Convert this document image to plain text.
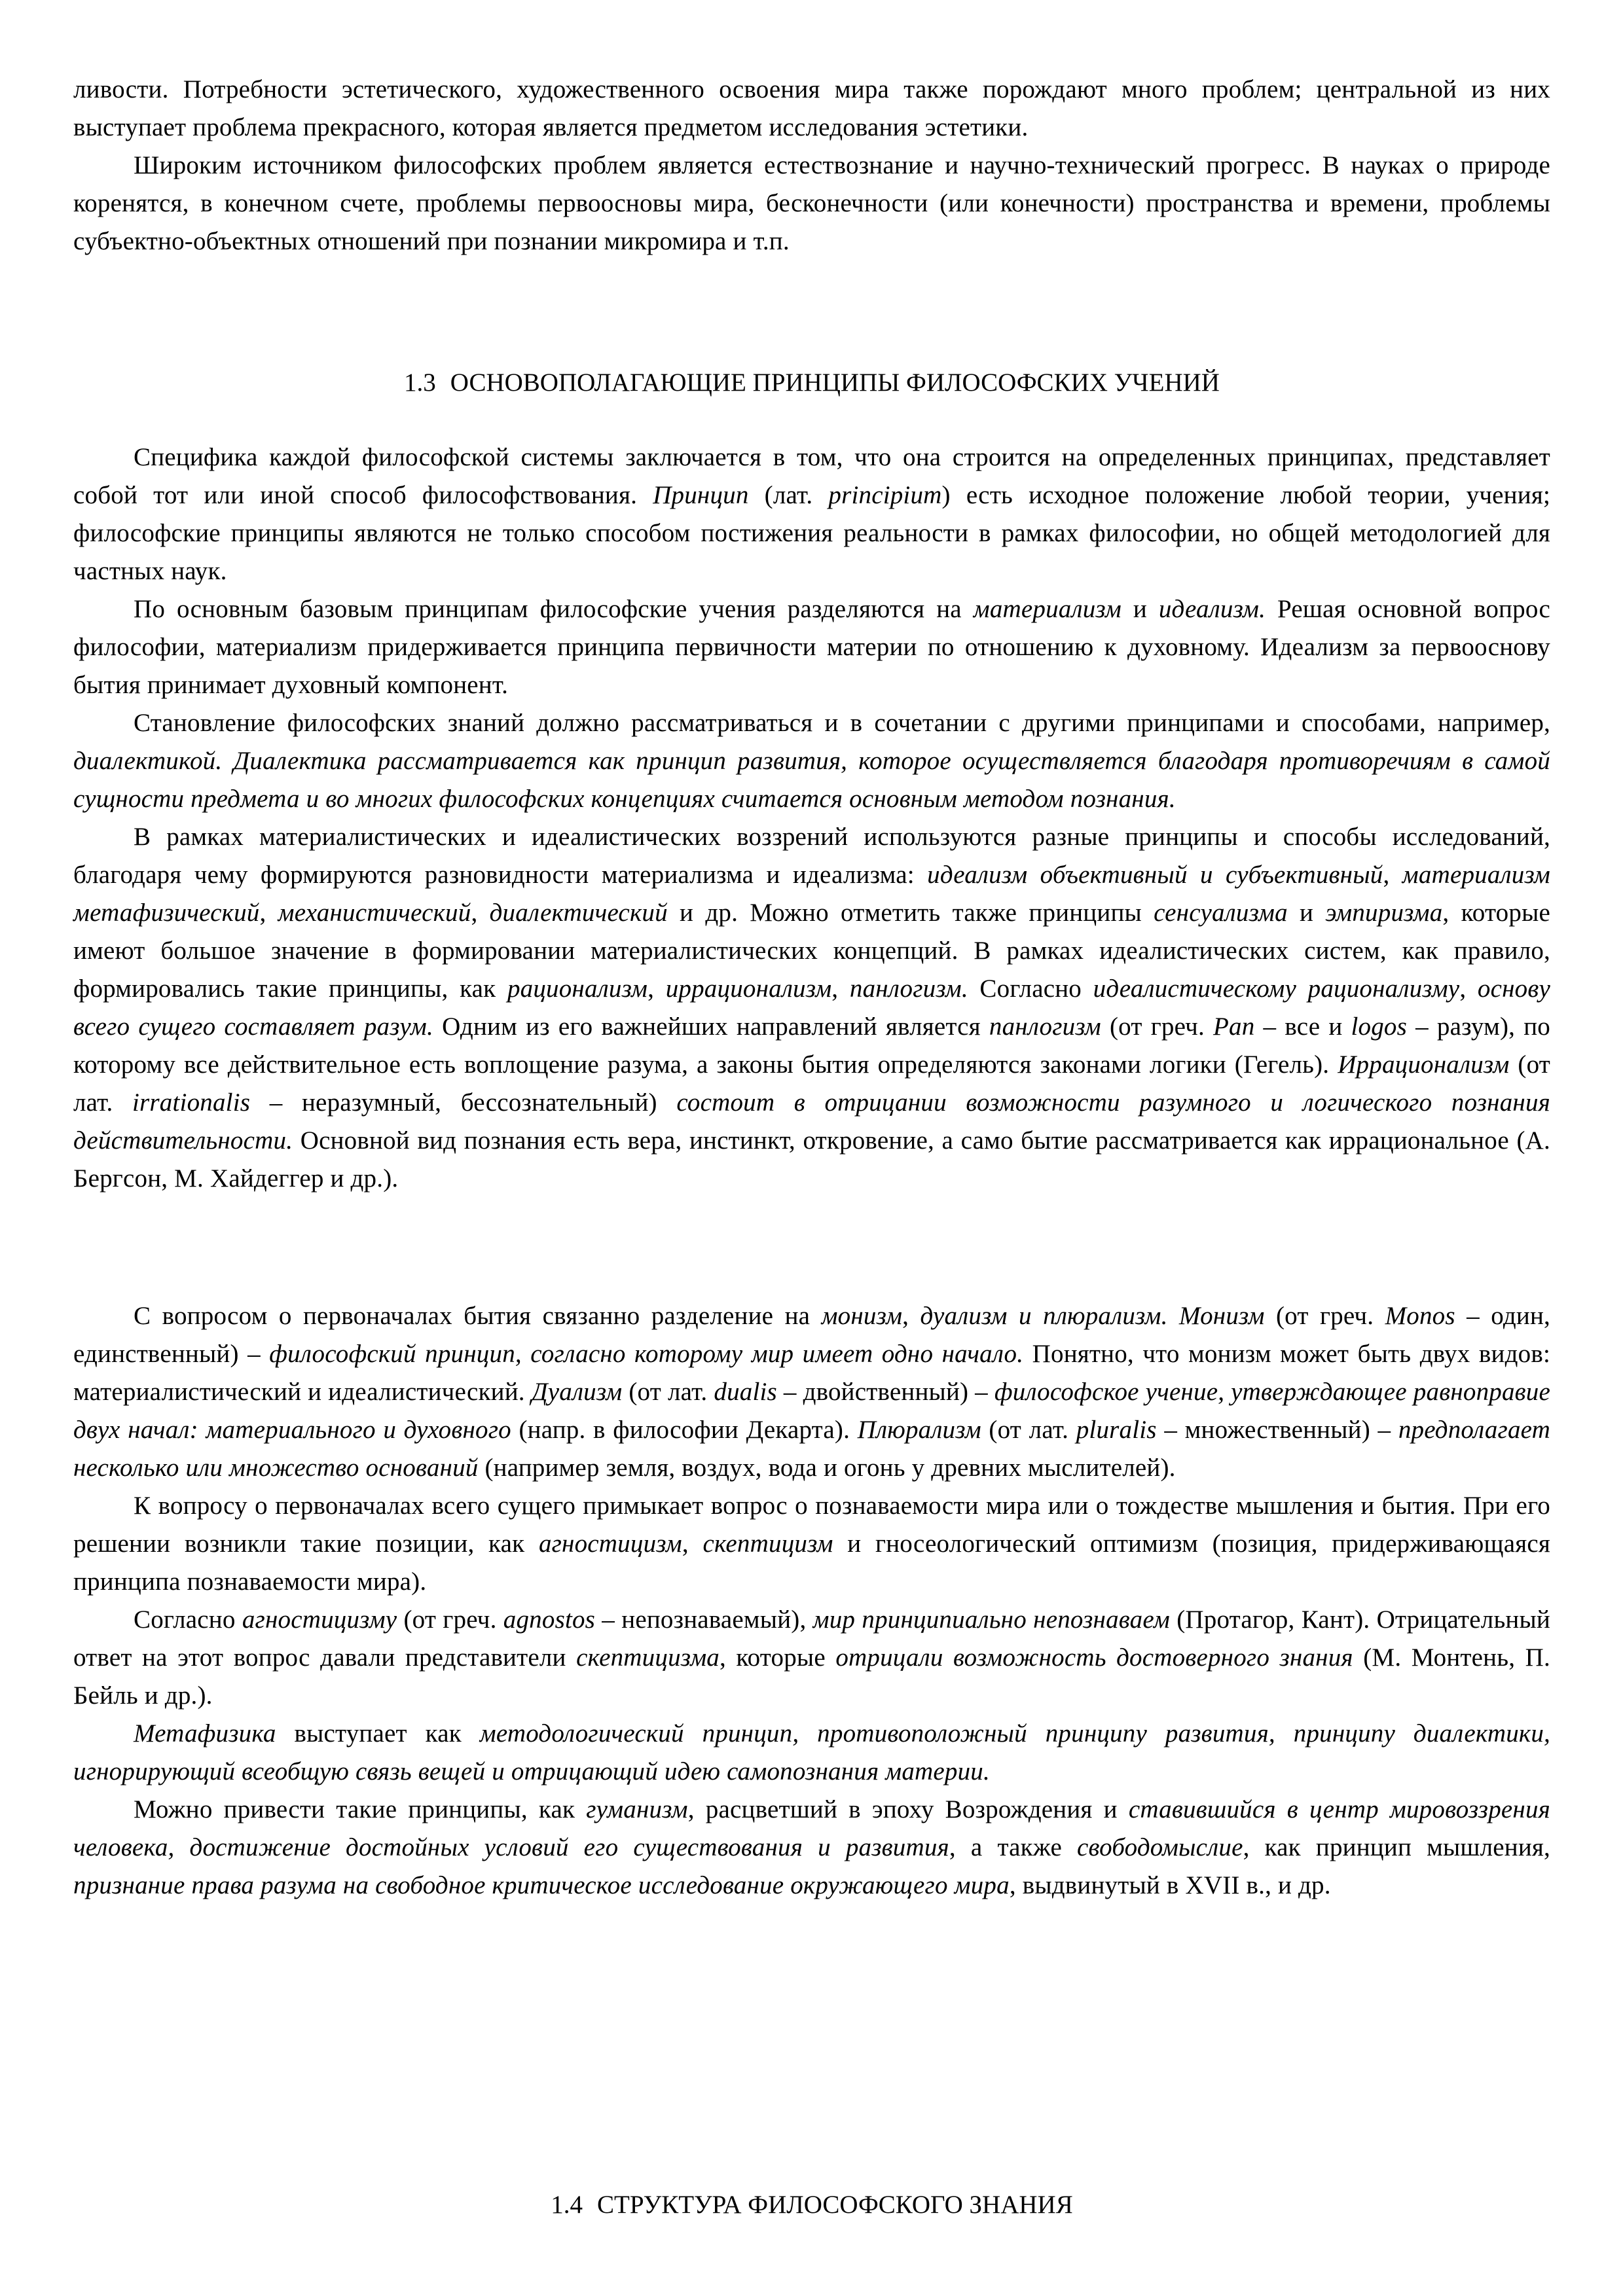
ливости. Потребности эстетического, художественного освоения мира также порождают много проблем; центральной из них выступает проблема прекрасного, которая является предметом исследования эстетики.

Широким источником философских проблем является естествознание и научно-технический прогресс. В науках о природе коренятся, в конечном счете, проблемы первоосновы мира, бесконечности (или конечности) пространства и времени, проблемы субъектно-объектных отношений при познании микромира и т.п.

1.3 ОСНОВОПОЛАГАЮЩИЕ ПРИНЦИПЫ ФИЛОСОФСКИХ УЧЕНИЙ

Специфика каждой философской системы заключается в том, что она строится на определенных принципах, представляет собой тот или иной способ философствования. Принцип (лат. principium) есть исходное положение любой теории, учения; философские принципы являются не только способом постижения реальности в рамках философии, но общей методологией для частных наук.

По основным базовым принципам философские учения разделяются на материализм и идеализм. Решая основной вопрос философии, материализм придерживается принципа первичности материи по отношению к духовному. Идеализм за первооснову бытия принимает духовный компонент.

Становление философских знаний должно рассматриваться и в сочетании с другими принципами и способами, например, диалектикой. Диалектика рассматривается как принцип развития, которое осуществляется благодаря противоречиям в самой сущности предмета и во многих философских концепциях считается основным методом познания.

В рамках материалистических и идеалистических воззрений используются разные принципы и способы исследований, благодаря чему формируются разновидности материализма и идеализма: идеализм объективный и субъективный, материализм метафизический, механистический, диалектический и др. Можно отметить также принципы сенсуализма и эмпиризма, которые имеют большое значение в формировании материалистических концепций. В рамках идеалистических систем, как правило, формировались такие принципы, как рационализм, иррационализм, панлогизм. Согласно идеалистическому рационализму, основу всего сущего составляет разум. Одним из его важнейших направлений является панлогизм (от греч. Pan – все и logos – разум), по которому все действительное есть воплощение разума, а законы бытия определяются законами логики (Гегель). Иррационализм (от лат. irrationalis – неразумный, бессознательный) состоит в отрицании возможности разумного и логического познания действительности. Основной вид познания есть вера, инстинкт, откровение, а само бытие рассматривается как иррациональное (А. Бергсон, М. Хайдеггер и др.).

С вопросом о первоначалах бытия связанно разделение на монизм, дуализм и плюрализм. Монизм (от греч. Monos – один, единственный) – философский принцип, согласно которому мир имеет одно начало. Понятно, что монизм может быть двух видов: материалистический и идеалистический. Дуализм (от лат. dualis – двойственный) – философское учение, утверждающее равноправие двух начал: материального и духовного (напр. в философии Декарта). Плюрализм (от лат. pluralis – множественный) – предполагает несколько или множество оснований (например земля, воздух, вода и огонь у древних мыслителей).

К вопросу о первоначалах всего сущего примыкает вопрос о познаваемости мира или о тождестве мышления и бытия. При его решении возникли такие позиции, как агностицизм, скептицизм и гносеологический оптимизм (позиция, придерживающаяся принципа познаваемости мира).

Согласно агностицизму (от греч. agnostos – непознаваемый), мир принципиально непознаваем (Протагор, Кант). Отрицательный ответ на этот вопрос давали представители скептицизма, которые отрицали возможность достоверного знания (М. Монтень, П. Бейль и др.).

Метафизика выступает как методологический принцип, противоположный принципу развития, принципу диалектики, игнорирующий всеобщую связь вещей и отрицающий идею самопознания материи.

Можно привести такие принципы, как гуманизм, расцветший в эпоху Возрождения и ставившийся в центр мировоззрения человека, достижение достойных условий его существования и развития, а также свободомыслие, как принцип мышления, признание права разума на свободное критическое исследование окружающего мира, выдвинутый в XVII в., и др.

1.4 СТРУКТУРА ФИЛОСОФСКОГО ЗНАНИЯ
